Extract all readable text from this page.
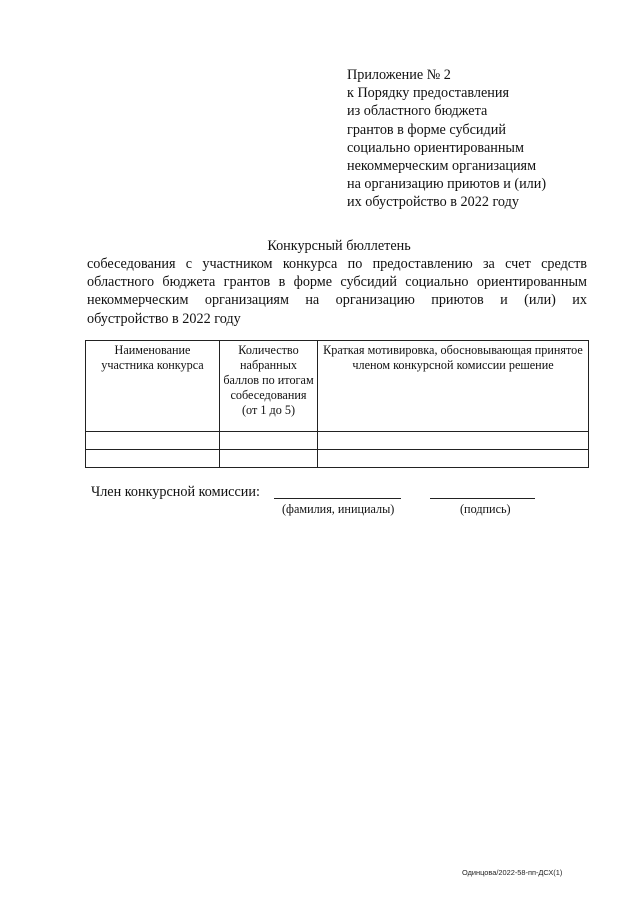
Приложение № 2
к Порядку предоставления
из областного бюджета
грантов в форме субсидий
социально ориентированным
некоммерческим организациям
на организацию приютов и (или)
их обустройство в 2022 году
Конкурсный бюллетень
собеседования с участником конкурса по предоставлению за счет средств
областного бюджета грантов в форме субсидий социально ориентированным
некоммерческим организациям на организацию приютов и (или) их
обустройство в 2022 году
Наименование участника конкурса	Количество набранных баллов по итогам собеседования (от 1 до 5)	Краткая мотивировка, обосновывающая принятое членом конкурсной комиссии решение

Член конкурсной комиссии:
(фамилия, инициалы)	(подпись)
Одинцова/2022-58-пп-ДСХ(1)
